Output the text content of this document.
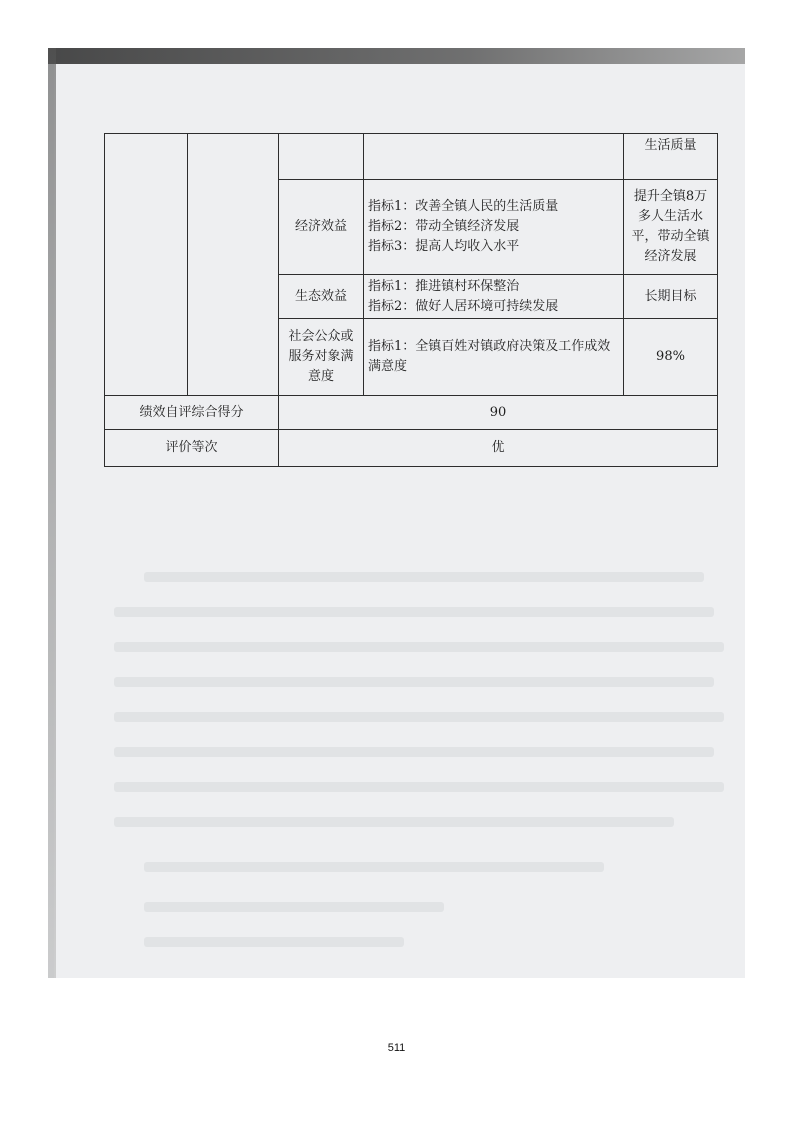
				生活质量
		经济效益	指标1：改善全镇人民的生活质量
指标2：带动全镇经济发展
指标3：提高人均收入水平	提升全镇8万
多人生活水
平，带动全镇
经济发展

		生态效益	指标1：推进镇村环保整治
指标2：做好人居环境可持续发展	长期目标

		社会公众或
服务对象满
意度	指标1：全镇百姓对镇政府决策及工作成效
满意度	98%
绩效自评综合得分		90		
评价等次		优		
511
